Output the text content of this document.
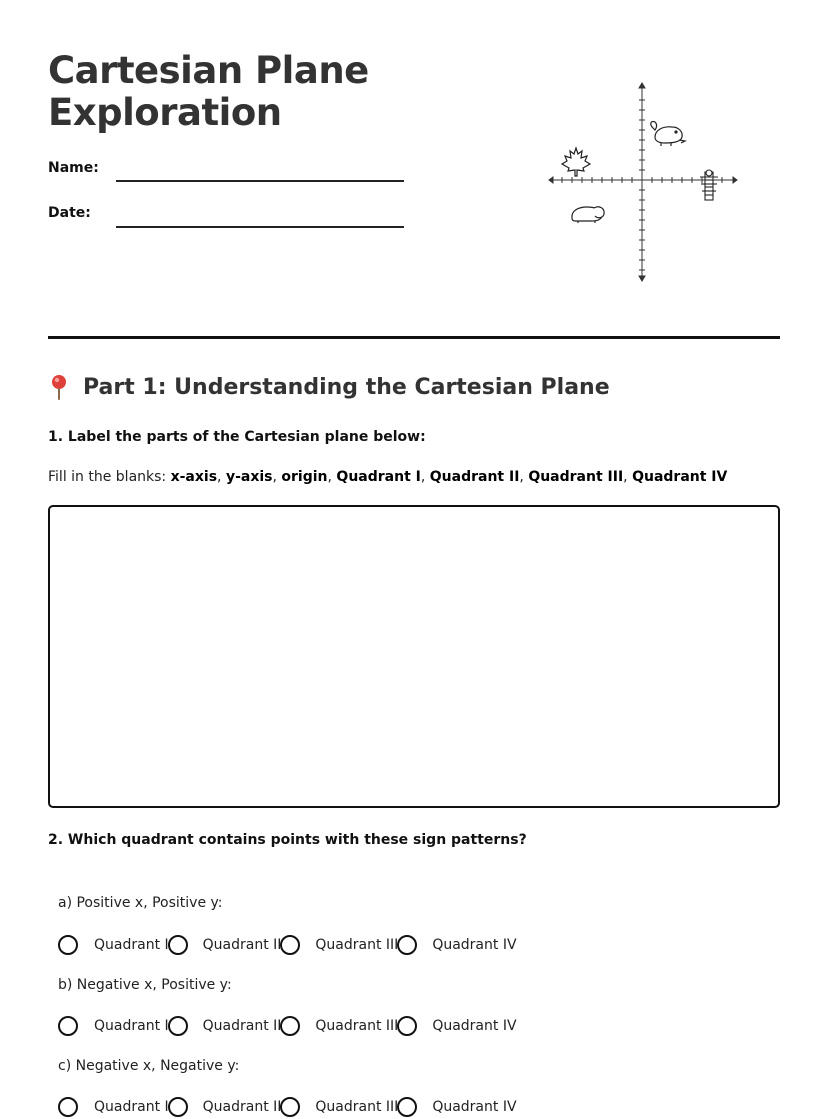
Cartesian Plane
Exploration
Name:
Date:
Part 1: Understanding the Cartesian Plane
1. Label the parts of the Cartesian plane below:
Fill in the blanks: x-axis, y-axis, origin, Quadrant I, Quadrant II, Quadrant III, Quadrant IV
2. Which quadrant contains points with these sign patterns?
a) Positive x, Positive y:
Quadrant I Quadrant II Quadrant III Quadrant IV
b) Negative x, Positive y:
Quadrant I Quadrant II Quadrant III Quadrant IV
c) Negative x, Negative y:
Quadrant I Quadrant II Quadrant III Quadrant IV
